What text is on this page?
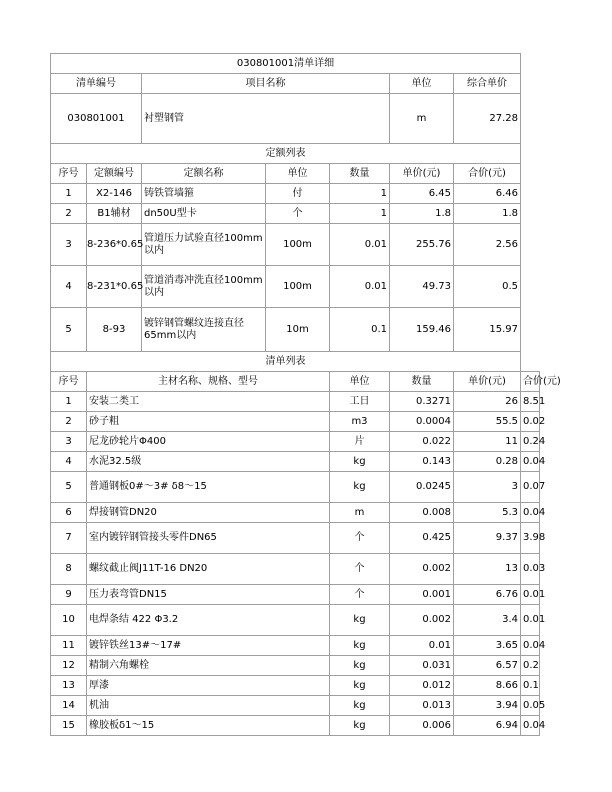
030801001清单详细							
清单编号		项目名称			单位	综合单价	
030801001		衬塑钢管			m	27.28	
定额列表							
序号	定额编号	定额名称	单位	数量	单价(元)	合价(元)	
1	X2-146	铸铁管墙箍	付	1	6.45	6.46	
2	B1辅材	dn50U型卡	个	1	1.8	1.8	
3	8-236*0.65	管道压力试验直径100mm以内	100m	0.01	255.76	2.56	
4	8-231*0.65	管道消毒冲洗直径100mm以内	100m	0.01	49.73	0.5	
5	8-93	镀锌钢管螺纹连接直径65mm以内	10m	0.1	159.46	15.97	
清单列表							
序号	主材名称、规格、型号			单位	数量	单价(元)	合价(元)
1	安装二类工			工日	0.3271	26	8.51
2	砂子粗			m3	0.0004	55.5	0.02
3	尼龙砂轮片Φ400			片	0.022	11	0.24
4	水泥32.5级			kg	0.143	0.28	0.04
5	普通钢板0#～3# δ8～15			kg	0.0245	3	0.07
6	焊接钢管DN20			m	0.008	5.3	0.04
7	室内镀锌钢管接头零件DN65			个	0.425	9.37	3.98
8	螺纹截止阀J11T-16 DN20			个	0.002	13	0.03
9	压力表弯管DN15			个	0.001	6.76	0.01
10	电焊条结 422 Φ3.2			kg	0.002	3.4	0.01
11	镀锌铁丝13#～17#			kg	0.01	3.65	0.04
12	精制六角螺栓			kg	0.031	6.57	0.2
13	厚漆			kg	0.012	8.66	0.1
14	机油			kg	0.013	3.94	0.05
15	橡胶板δ1～15			kg	0.006	6.94	0.04
